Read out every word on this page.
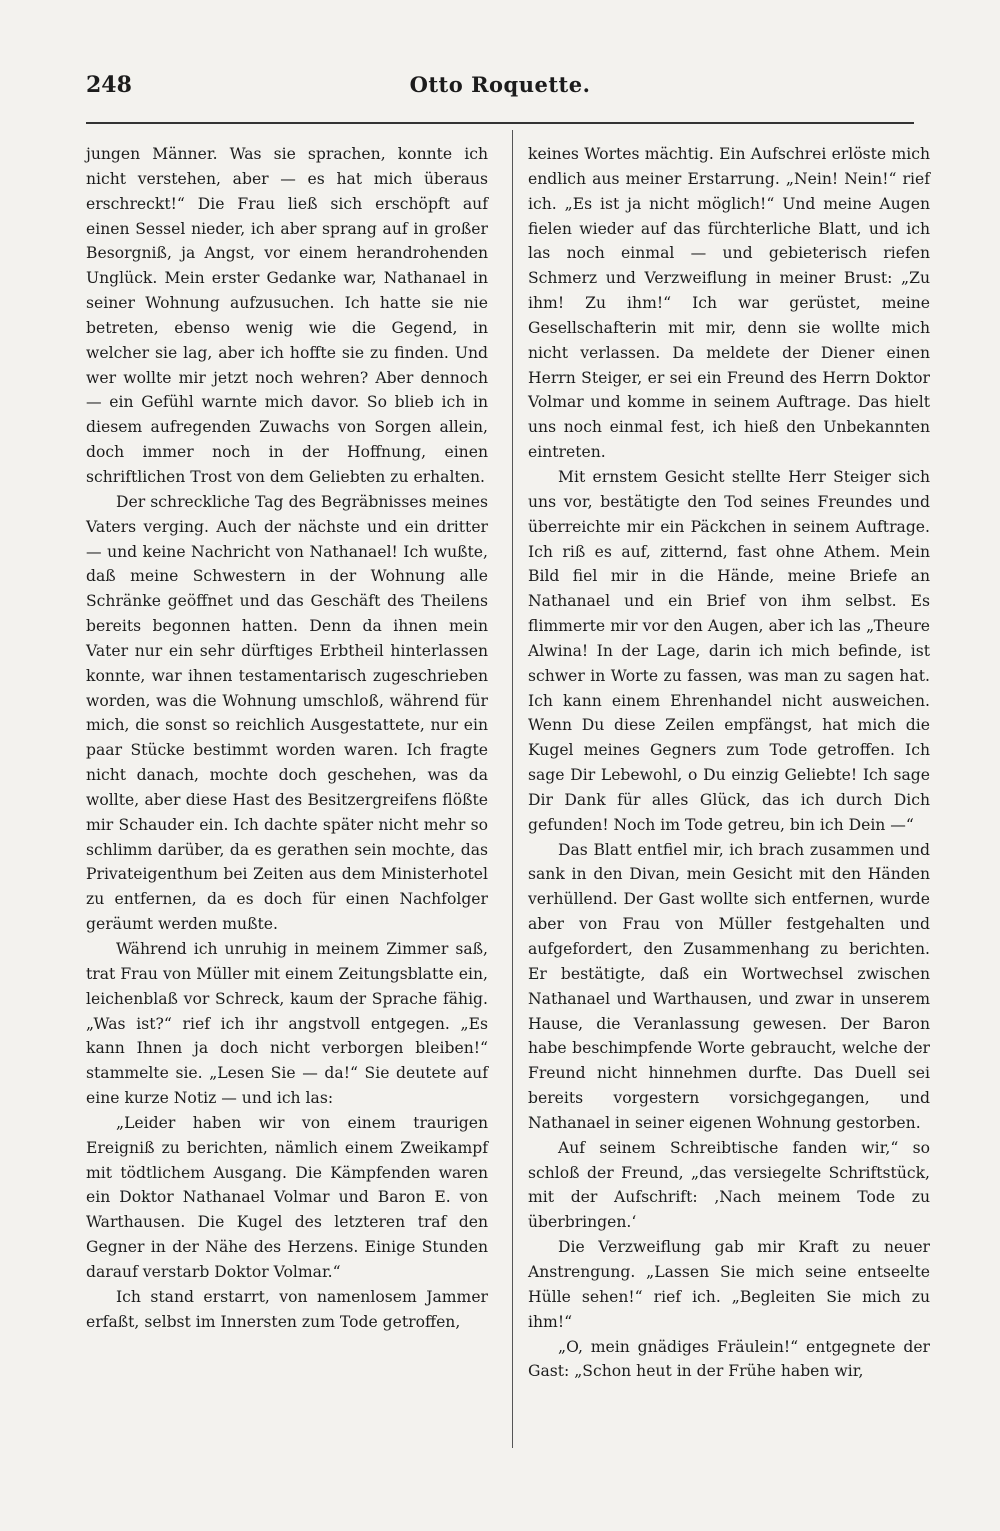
248	Otto Roquette.

jungen Männer. Was sie sprachen, konnte ich nicht verstehen, aber — es hat mich überaus erschreckt!“ Die Frau ließ sich erschöpft auf einen Sessel nieder, ich aber sprang auf in großer Besorgniß, ja Angst, vor einem herandrohenden Unglück. Mein erster Gedanke war, Nathanael in seiner Wohnung aufzusuchen. Ich hatte sie nie betreten, ebenso wenig wie die Gegend, in welcher sie lag, aber ich hoffte sie zu finden. Und wer wollte mir jetzt noch wehren? Aber dennoch — ein Gefühl warnte mich davor. So blieb ich in diesem aufregenden Zuwachs von Sorgen allein, doch immer noch in der Hoffnung, einen schriftlichen Trost von dem Geliebten zu erhalten.

Der schreckliche Tag des Begräbnisses meines Vaters verging. Auch der nächste und ein dritter — und keine Nachricht von Nathanael! Ich wußte, daß meine Schwestern in der Wohnung alle Schränke geöffnet und das Geschäft des Theilens bereits begonnen hatten. Denn da ihnen mein Vater nur ein sehr dürftiges Erbtheil hinterlassen konnte, war ihnen testamentarisch zugeschrieben worden, was die Wohnung umschloß, während für mich, die sonst so reichlich Ausgestattete, nur ein paar Stücke bestimmt worden waren. Ich fragte nicht danach, mochte doch geschehen, was da wollte, aber diese Hast des Besitzergreifens flößte mir Schauder ein. Ich dachte später nicht mehr so schlimm darüber, da es gerathen sein mochte, das Privateigenthum bei Zeiten aus dem Ministerhotel zu entfernen, da es doch für einen Nachfolger geräumt werden mußte.

Während ich unruhig in meinem Zimmer saß, trat Frau von Müller mit einem Zeitungsblatte ein, leichenblaß vor Schreck, kaum der Sprache fähig. „Was ist?“ rief ich ihr angstvoll entgegen. „Es kann Ihnen ja doch nicht verborgen bleiben!“ stammelte sie. „Lesen Sie — da!“ Sie deutete auf eine kurze Notiz — und ich las:

„Leider haben wir von einem traurigen Ereigniß zu berichten, nämlich einem Zweikampf mit tödtlichem Ausgang. Die Kämpfenden waren ein Doktor Nathanael Volmar und Baron E. von Warthausen. Die Kugel des letzteren traf den Gegner in der Nähe des Herzens. Einige Stunden darauf verstarb Doktor Volmar.“

Ich stand erstarrt, von namenlosem Jammer erfaßt, selbst im Innersten zum Tode getroffen,

keines Wortes mächtig. Ein Aufschrei erlöste mich endlich aus meiner Erstarrung. „Nein! Nein!“ rief ich. „Es ist ja nicht möglich!“ Und meine Augen fielen wieder auf das fürchterliche Blatt, und ich las noch einmal — und gebieterisch riefen Schmerz und Verzweiflung in meiner Brust: „Zu ihm! Zu ihm!“ Ich war gerüstet, meine Gesellschafterin mit mir, denn sie wollte mich nicht verlassen. Da meldete der Diener einen Herrn Steiger, er sei ein Freund des Herrn Doktor Volmar und komme in seinem Auftrage. Das hielt uns noch einmal fest, ich hieß den Unbekannten eintreten.

Mit ernstem Gesicht stellte Herr Steiger sich uns vor, bestätigte den Tod seines Freundes und überreichte mir ein Päckchen in seinem Auftrage. Ich riß es auf, zitternd, fast ohne Athem. Mein Bild fiel mir in die Hände, meine Briefe an Nathanael und ein Brief von ihm selbst. Es flimmerte mir vor den Augen, aber ich las „Theure Alwina! In der Lage, darin ich mich befinde, ist schwer in Worte zu fassen, was man zu sagen hat. Ich kann einem Ehrenhandel nicht ausweichen. Wenn Du diese Zeilen empfängst, hat mich die Kugel meines Gegners zum Tode getroffen. Ich sage Dir Lebewohl, o Du einzig Geliebte! Ich sage Dir Dank für alles Glück, das ich durch Dich gefunden! Noch im Tode getreu, bin ich Dein —“

Das Blatt entfiel mir, ich brach zusammen und sank in den Divan, mein Gesicht mit den Händen verhüllend. Der Gast wollte sich entfernen, wurde aber von Frau von Müller festgehalten und aufgefordert, den Zusammenhang zu berichten. Er bestätigte, daß ein Wortwechsel zwischen Nathanael und Warthausen, und zwar in unserem Hause, die Veranlassung gewesen. Der Baron habe beschimpfende Worte gebraucht, welche der Freund nicht hinnehmen durfte. Das Duell sei bereits vorgestern vorsichgegangen, und Nathanael in seiner eigenen Wohnung gestorben.

Auf seinem Schreibtische fanden wir,“ so schloß der Freund, „das versiegelte Schriftstück, mit der Aufschrift: ‚Nach meinem Tode zu überbringen.‘

Die Verzweiflung gab mir Kraft zu neuer Anstrengung. „Lassen Sie mich seine entseelte Hülle sehen!“ rief ich. „Begleiten Sie mich zu ihm!“

„O, mein gnädiges Fräulein!“ entgegnete der Gast: „Schon heut in der Frühe haben wir,
